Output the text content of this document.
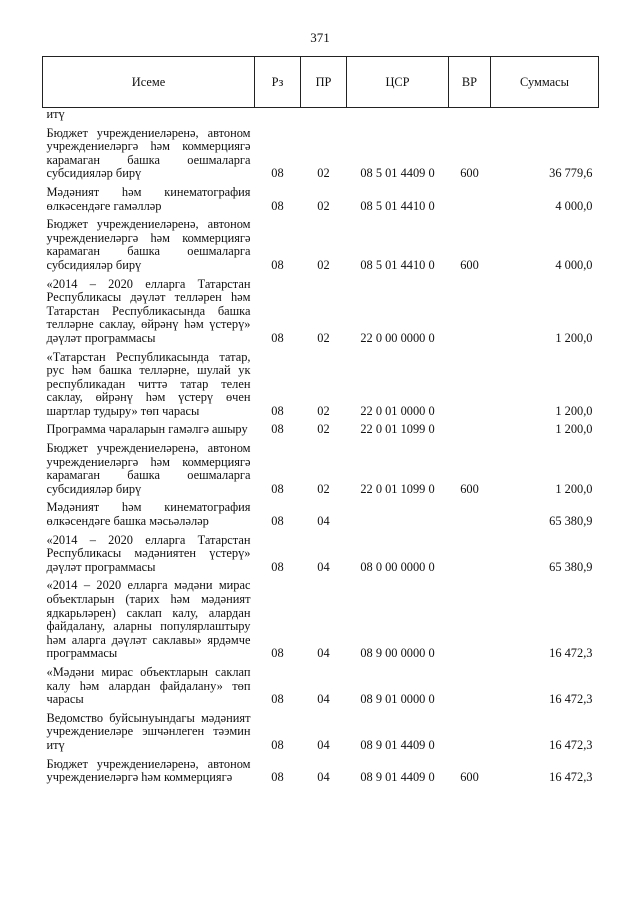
371
Исеме	Рз	ПР	ЦСР	ВР	Суммасы
итү					
Бюджет учреждениеләренә, автоном учреждениеләргә һәм коммерциягә карамаган башка оешмаларга субсидияләр бирү	08	02	08 5 01 4409 0	600	36 779,6
Мәдәният һәм кинематография өлкәсендәге гамәлләр	08	02	08 5 01 4410 0		4 000,0
Бюджет учреждениеләренә, автоном учреждениеләргә һәм коммерциягә карамаган башка оешмаларга субсидияләр бирү	08	02	08 5 01 4410 0	600	4 000,0
«2014 – 2020 елларга Татарстан Республикасы дәүләт телләрен һәм Татарстан Республикасында башка телләрне саклау, өйрәнү һәм үстерү» дәүләт программасы	08	02	22 0 00 0000 0		1 200,0
«Татарстан Республикасында татар, рус һәм башка телләрне, шулай ук республикадан читтә татар телен саклау, өйрәнү һәм үстерү өчен шартлар тудыру» төп чарасы	08	02	22 0 01 0000 0		1 200,0
Программа чараларын гамәлгә ашыру	08	02	22 0 01 1099 0		1 200,0
Бюджет учреждениеләренә, автоном учреждениеләргә һәм коммерциягә карамаган башка оешмаларга субсидияләр бирү	08	02	22 0 01 1099 0	600	1 200,0
Мәдәният һәм кинематография өлкәсендәге башка мәсьәләләр	08	04			65 380,9
«2014 – 2020 елларга Татарстан Республикасы мәдәниятен үстерү» дәүләт программасы	08	04	08 0 00 0000 0		65 380,9
«2014 – 2020 елларга мәдәни мирас объектларын (тарих һәм мәдәният ядкарьләрен) саклап калу, алардан файдалану, аларны популярлаштыру һәм аларга дәүләт саклавы» ярдәмче программасы	08	04	08 9 00 0000 0		16 472,3
«Мәдәни мирас объектларын саклап калу һәм алардан файдалану» төп чарасы	08	04	08 9 01 0000 0		16 472,3
Ведомство буйсынуындагы мәдәният учреждениеләре эшчәнлеген тәэмин итү	08	04	08 9 01 4409 0		16 472,3
Бюджет учреждениеләренә, автоном учреждениеләргә һәм коммерциягә	08	04	08 9 01 4409 0	600	16 472,3
